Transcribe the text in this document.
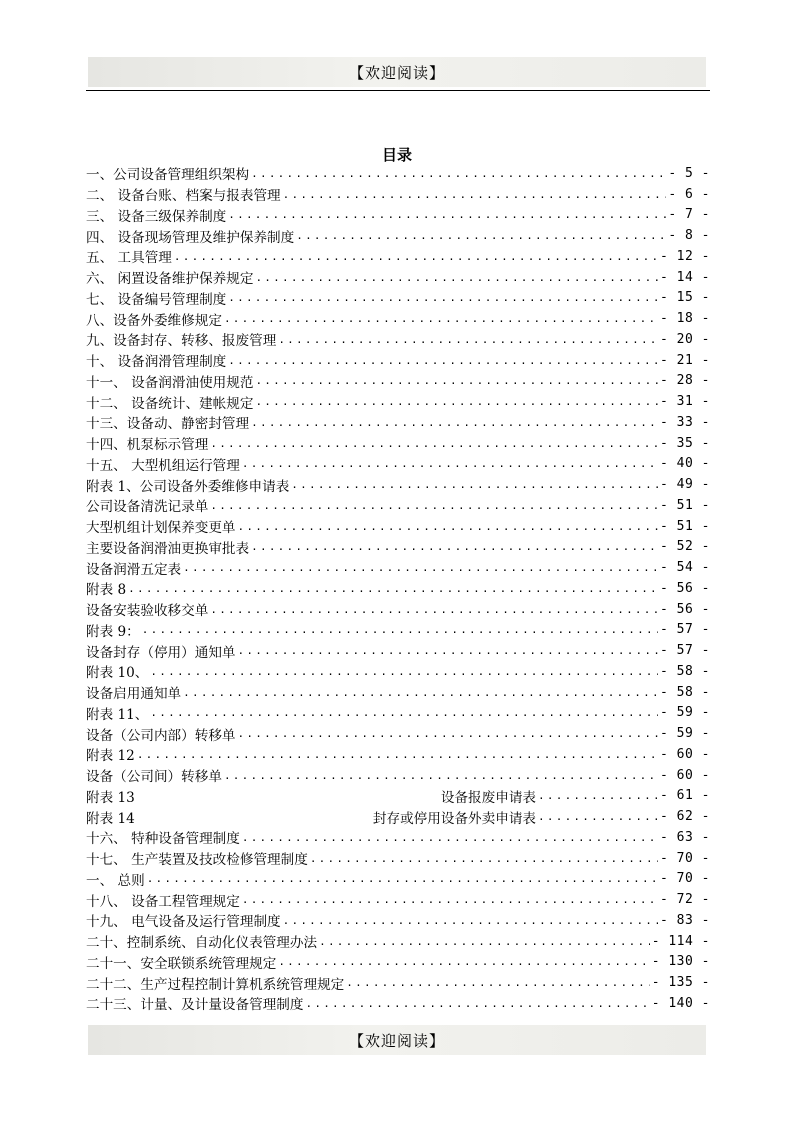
【欢迎阅读】
目录
一、公司设备管理组织架构 . . .	- 5 -
二、 设备台账、档案与报表管理 . . .	- 6 -
三、 设备三级保养制度 . . .	- 7 -
四、 设备现场管理及维护保养制度 . . .	- 8 -
五、 工具管理 . . .	- 12 -
六、 闲置设备维护保养规定 . . .	- 14 -
七、 设备编号管理制度 . . .	- 15 -
八、设备外委维修规定 . . .	- 18 -
九、设备封存、转移、报废管理 . . .	- 20 -
十、 设备润滑管理制度 . . .	- 21 -
十一、 设备润滑油使用规范 . . .	- 28 -
十二、 设备统计、建帐规定 . . .	- 31 -
十三、设备动、静密封管理 . . .	- 33 -
十四、机泵标示管理 . . .	- 35 -
十五、 大型机组运行管理 . . .	- 40 -
附表 1、公司设备外委维修申请表 . . .	- 49 -
公司设备清洗记录单 . . .	- 51 -
大型机组计划保养变更单 . . .	- 51 -
主要设备润滑油更换审批表 . . .	- 52 -
设备润滑五定表 . . .	- 54 -
附表 8 . . .	- 56 -
设备安装验收移交单 . . .	- 56 -
附表 9： . . .	- 57 -
设备封存（停用）通知单 . . .	- 57 -
附表 10、 . . .	- 58 -
设备启用通知单 . . .	- 58 -
附表 11、 . . .	- 59 -
设备（公司内部）转移单 . . .	- 59 -
附表 12 . . .	- 60 -
设备（公司间）转移单 . . .	- 60 -
附表 13	设备报废申请表 . . .	- 61 -
附表 14	封存或停用设备外卖申请表 . . .	- 62 -
十六、 特种设备管理制度 . . .	- 63 -
十七、 生产装置及技改检修管理制度 . . .	- 70 -
一、 总则 . . .	- 70 -
十八、 设备工程管理规定 . . .	- 72 -
十九、 电气设备及运行管理制度 . . .	- 83 -
二十、控制系统、自动化仪表管理办法 . . .	- 114 -
二十一、安全联锁系统管理规定 . . .	- 130 -
二十二、生产过程控制计算机系统管理规定 . . .	- 135 -
二十三、计量、及计量设备管理制度 . . .	- 140 -
【欢迎阅读】
